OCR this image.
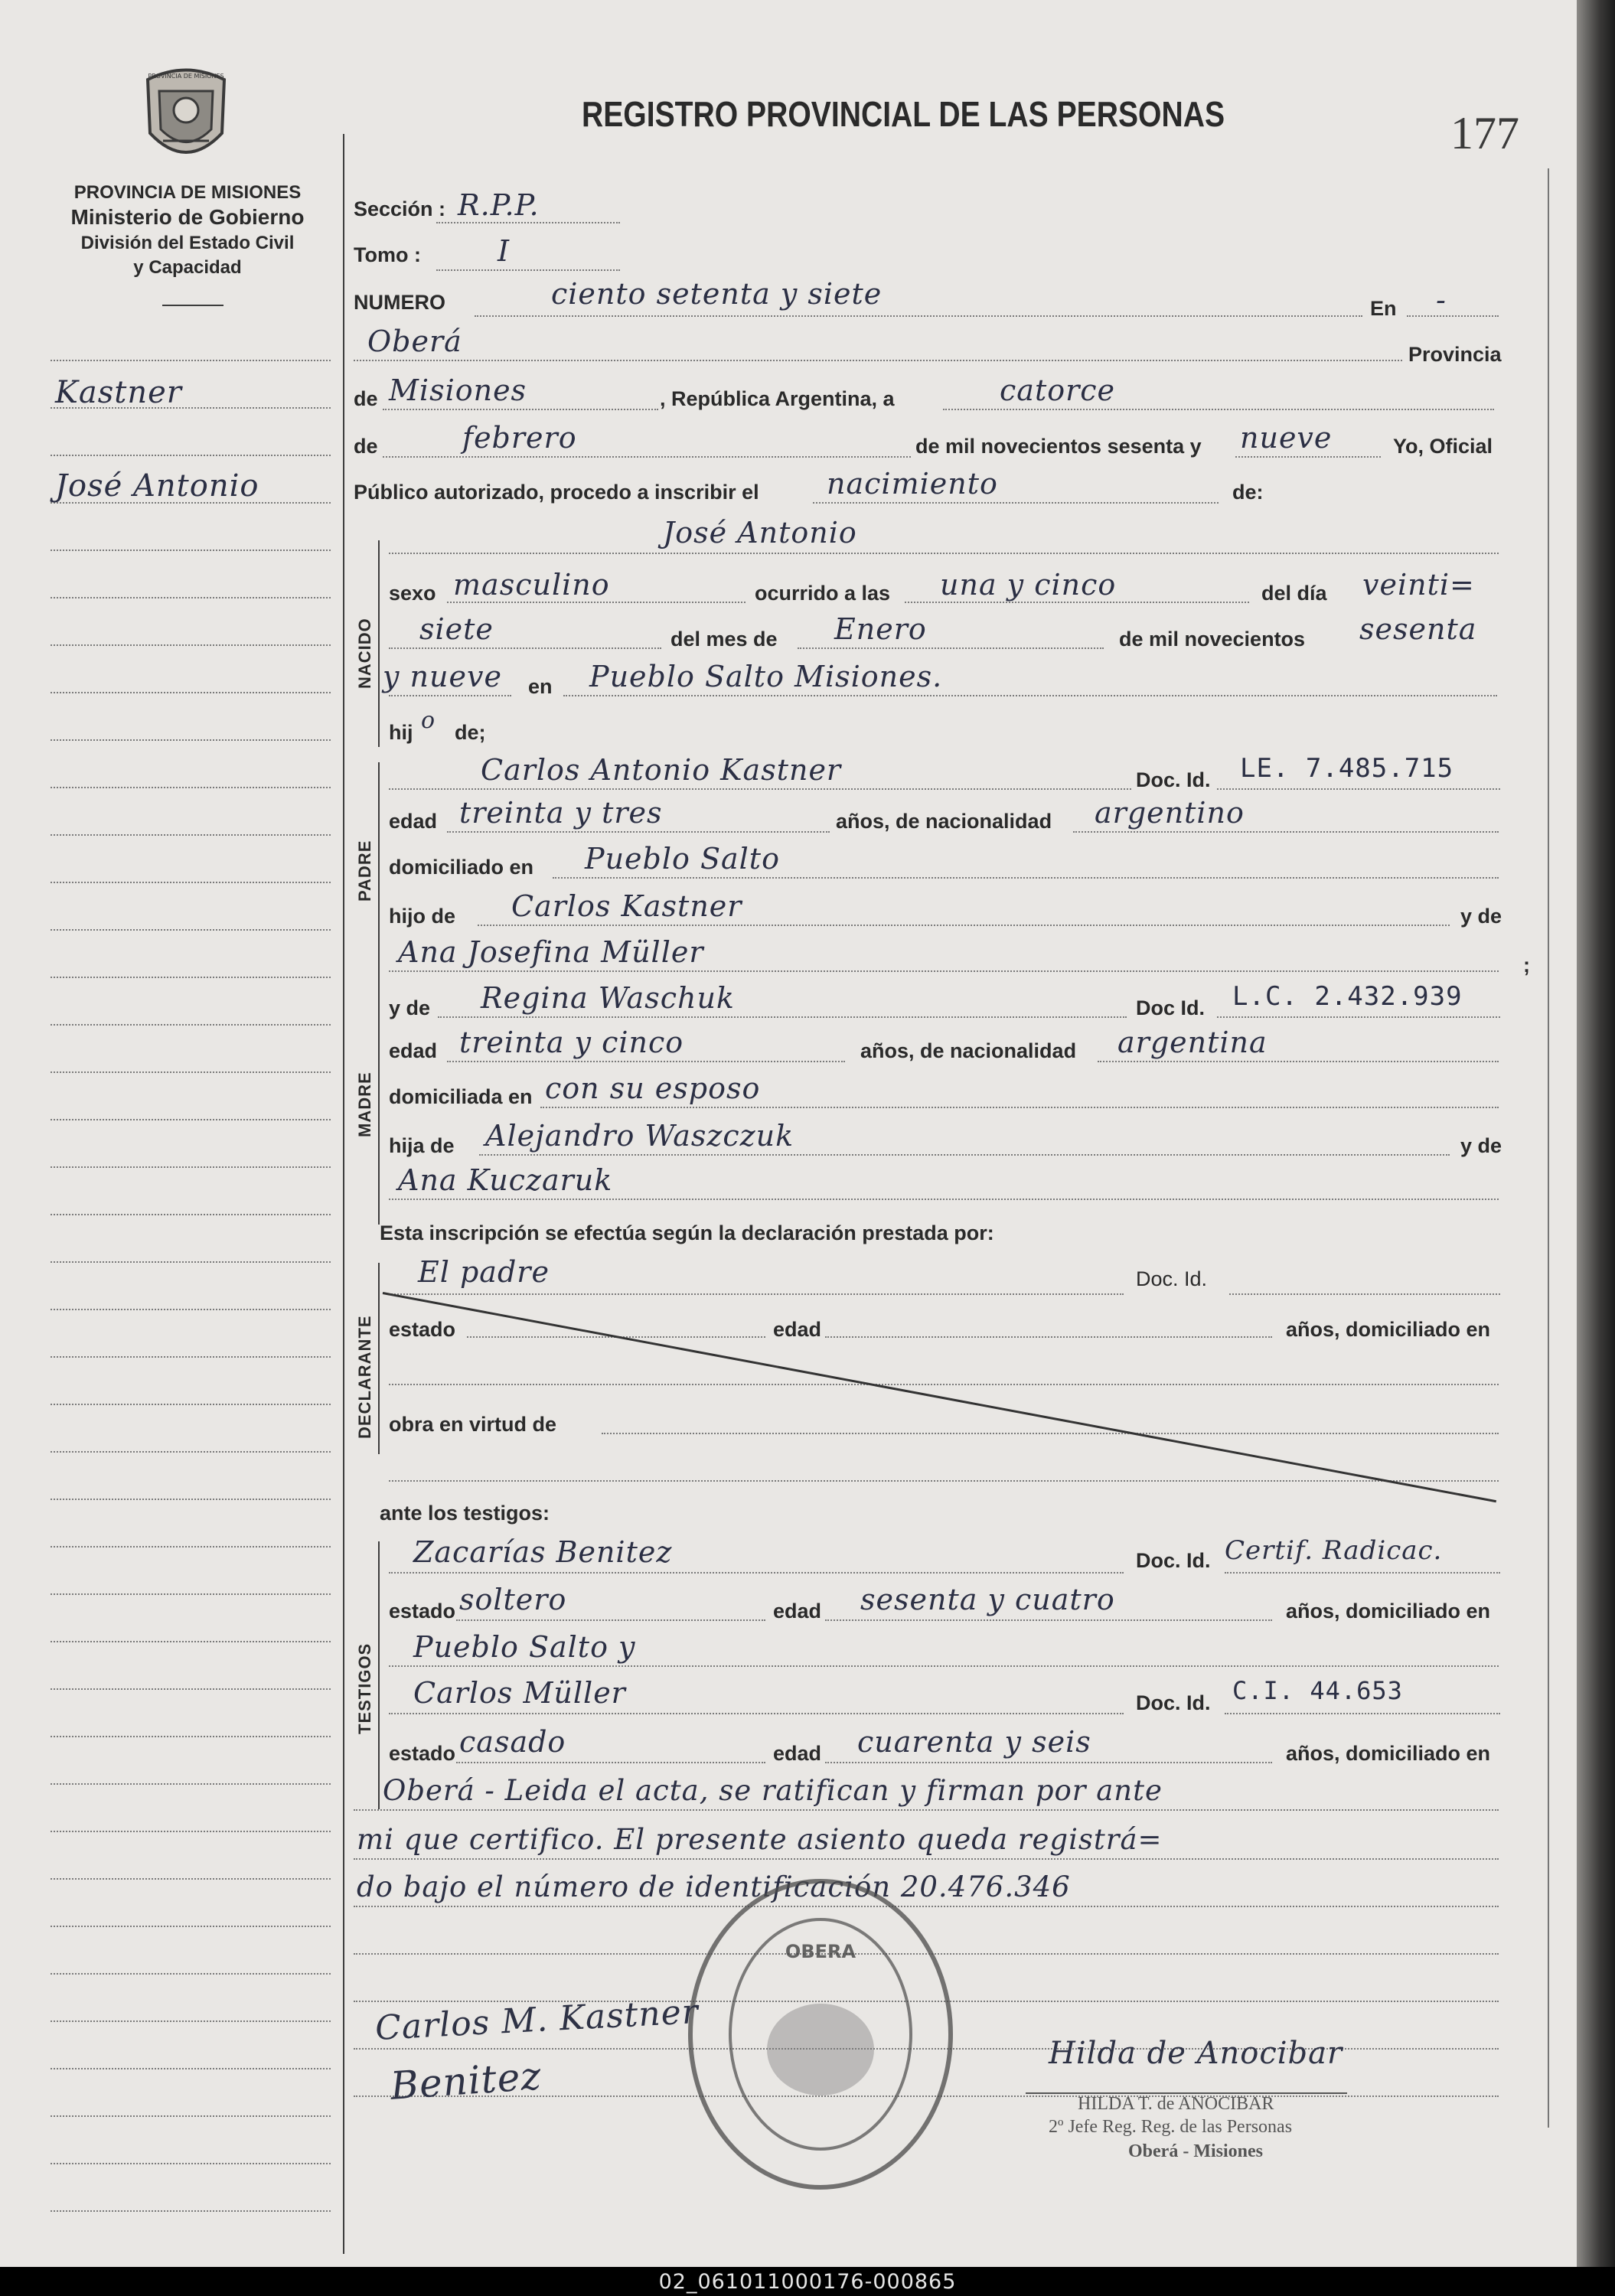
PROVINCIA DE MISIONES
PROVINCIA DE MISIONES
Ministerio de Gobierno
División del Estado Civil
y Capacidad
REGISTRO PROVINCIAL DE LAS PERSONAS	177
Kastner
José Antonio
Sección : R.P.P.
Tomo :	I
NUMERO	ciento setenta y siete	En -
Oberá	Provincia
de Misiones	, República Argentina, a	catorce
de	febrero	de mil novecientos sesenta y nueve	Yo, Oficial
Público autorizado, procedo a inscribir el nacimiento	de:
NACIDO
PADRE
MADRE
DECLARANTE
TESTIGOS
José Antonio
sexo masculino	ocurrido a las una y cinco	del día veinti=
siete	del mes de Enero	de mil novecientos sesenta
y nueve en Pueblo Salto Misiones.
hij o de;
Carlos Antonio Kastner	Doc. Id. LE. 7.485.715
edad treinta y tres	años, de nacionalidad argentino
domiciliado en Pueblo Salto
hijo de Carlos Kastner	y de
Ana Josefina Müller	;
y de Regina Waschuk	Doc Id. L.C. 2.432.939
edad treinta y cinco	años, de nacionalidad argentina
domiciliada en con su esposo
hija de Alejandro Waszczuk	y de
Ana Kuczaruk
Esta inscripción se efectúa según la declaración prestada por:
El padre	Doc. Id.
estado	edad	años, domiciliado en
obra en virtud de
ante los testigos:
Zacarías Benitez	Doc. Id. Certif. Radicac.
estado soltero	edad sesenta y cuatro	años, domiciliado en
Pueblo Salto y
Carlos Müller	Doc. Id. C.I. 44.653
estado casado	edad cuarenta y seis	años, domiciliado en
Oberá - Leida el acta, se ratifican y firman por ante
mi que certifico. El presente asiento queda registrá=
do bajo el número de identificación 20.476.346
OBERA
Carlos M. Kastner
Benitez
Hilda de Anocibar
HILDA T. de ANOCIBAR
2º Jefe Reg. Reg. de las Personas
Oberá - Misiones
02_061011000176-000865
